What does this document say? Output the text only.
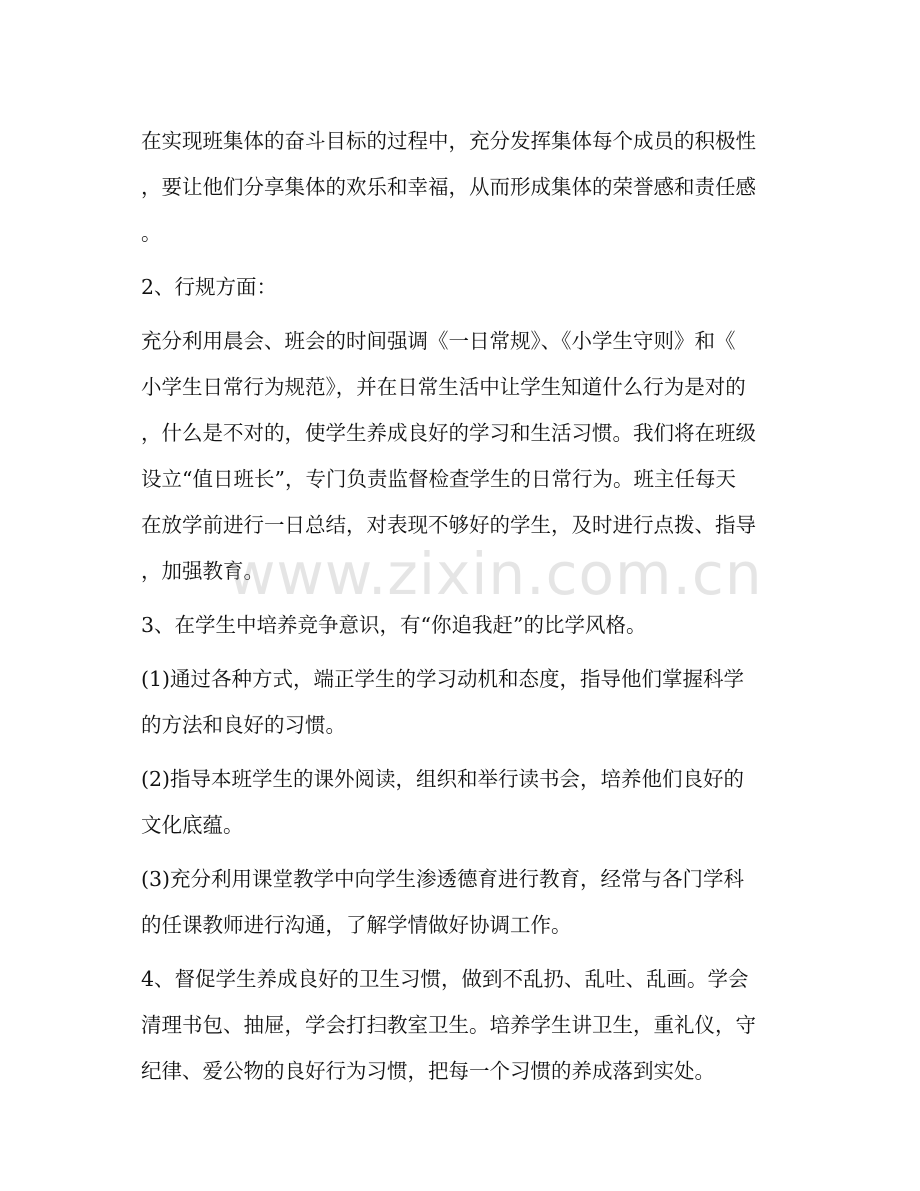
在实现班集体的奋斗目标的过程中，充分发挥集体每个成员的积极性
，要让他们分享集体的欢乐和幸福，从而形成集体的荣誉感和责任感
。
2、行规方面：
充分利用晨会、班会的时间强调《一日常规》、《小学生守则》和《
小学生日常行为规范》，并在日常生活中让学生知道什么行为是对的
，什么是不对的，使学生养成良好的学习和生活习惯。我们将在班级
设立“值日班长”，专门负责监督检查学生的日常行为。班主任每天
在放学前进行一日总结，对表现不够好的学生，及时进行点拨、指导
，加强教育。
3、在学生中培养竞争意识，有“你追我赶”的比学风格。
(1)通过各种方式，端正学生的学习动机和态度，指导他们掌握科学
的方法和良好的习惯。
(2)指导本班学生的课外阅读，组织和举行读书会，培养他们良好的
文化底蕴。
(3)充分利用课堂教学中向学生渗透德育进行教育，经常与各门学科
的任课教师进行沟通，了解学情做好协调工作。
4、督促学生养成良好的卫生习惯，做到不乱扔、乱吐、乱画。学会
清理书包、抽屉，学会打扫教室卫生。培养学生讲卫生，重礼仪，守
纪律、爱公物的良好行为习惯，把每一个习惯的养成落到实处。
www.zixin.com.cn
